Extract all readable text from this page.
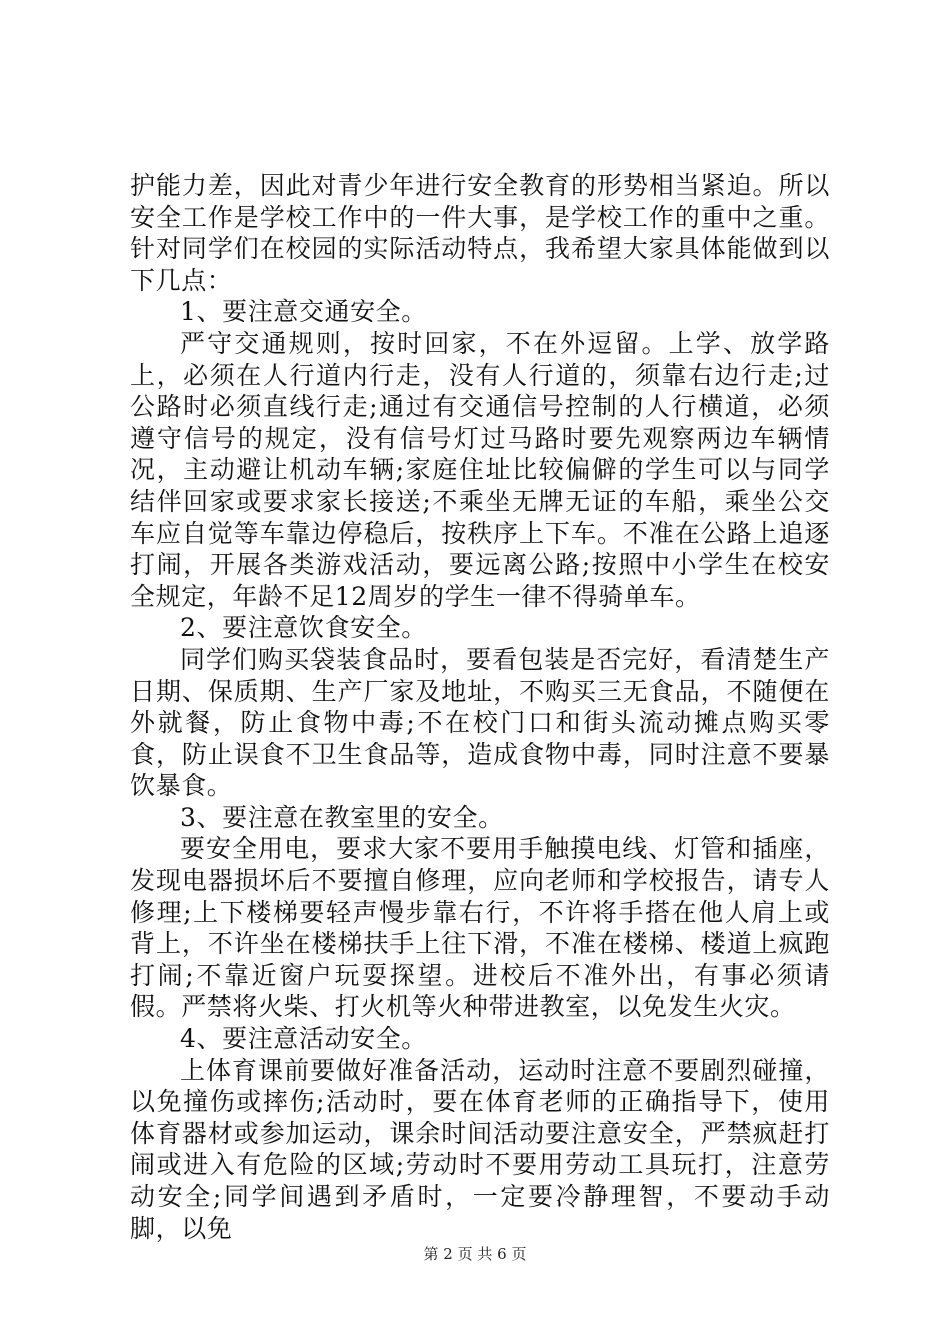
护能力差，因此对青少年进行安全教育的形势相当紧迫。所以安全工作是学校工作中的一件大事，是学校工作的重中之重。针对同学们在校园的实际活动特点，我希望大家具体能做到以下几点：

1、要注意交通安全。

严守交通规则，按时回家，不在外逗留。上学、放学路上，必须在人行道内行走，没有人行道的，须靠右边行走;过公路时必须直线行走;通过有交通信号控制的人行横道，必须遵守信号的规定，没有信号灯过马路时要先观察两边车辆情况，主动避让机动车辆;家庭住址比较偏僻的学生可以与同学结伴回家或要求家长接送;不乘坐无牌无证的车船，乘坐公交车应自觉等车靠边停稳后，按秩序上下车。不准在公路上追逐打闹，开展各类游戏活动，要远离公路;按照中小学生在校安全规定，年龄不足12周岁的学生一律不得骑单车。

2、要注意饮食安全。

同学们购买袋装食品时，要看包装是否完好，看清楚生产日期、保质期、生产厂家及地址，不购买三无食品，不随便在外就餐，防止食物中毒;不在校门口和街头流动摊点购买零食，防止误食不卫生食品等，造成食物中毒，同时注意不要暴饮暴食。

3、要注意在教室里的安全。

要安全用电，要求大家不要用手触摸电线、灯管和插座，发现电器损坏后不要擅自修理，应向老师和学校报告，请专人修理;上下楼梯要轻声慢步靠右行，不许将手搭在他人肩上或背上，不许坐在楼梯扶手上往下滑，不准在楼梯、楼道上疯跑打闹;不靠近窗户玩耍探望。进校后不准外出，有事必须请假。严禁将火柴、打火机等火种带进教室，以免发生火灾。

4、要注意活动安全。

上体育课前要做好准备活动，运动时注意不要剧烈碰撞，以免撞伤或摔伤;活动时，要在体育老师的正确指导下，使用体育器材或参加运动，课余时间活动要注意安全，严禁疯赶打闹或进入有危险的区域;劳动时不要用劳动工具玩打，注意劳动安全;同学间遇到矛盾时，一定要冷静理智，不要动手动脚，以免

第 2 页 共 6 页
